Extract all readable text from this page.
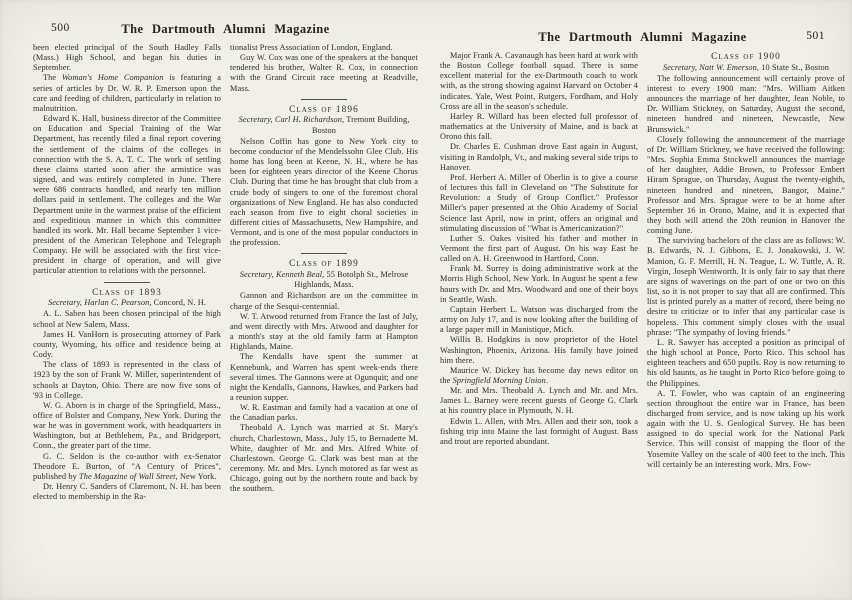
500	The Dartmouth Alumni Magazine

been elected principal of the South Hadley Falls (Mass.) High School, and began his duties in September.

The Woman's Home Companion is featuring a series of articles by Dr. W. R. P. Emerson upon the care and feeding of children, particularly in relation to malnutrition.

Edward K. Hall, business director of the Committee on Education and Special Training of the War Department, has recently filed a final report covering the settlement of the claims of the colleges in connection with the S. A. T. C. The work of settling these claims started soon after the armistice was signed, and was entirely completed in June. There were 686 contracts handled, and nearly ten million dollars paid in settlement. The colleges and the War Department unite in the warmest praise of the efficient and expeditious manner in which this committee handled its work. Mr. Hall became September 1 vice-president of the American Telephone and Telegraph Company. He will be associated with the first vice-president in charge of operation, and will give particular attention to relations with the personnel.

Class of 1893
Secretary, Harlan C. Pearson, Concord, N. H.

A. L. Saben has been chosen principal of the high school at New Salem, Mass.

James H. VanHorn is prosecuting attorney of Park county, Wyoming, his office and residence being at Cody.

The class of 1893 is represented in the class of 1923 by the son of Frank W. Miller, superintendent of schools at Dayton, Ohio. There are now five sons of '93 in College.

W. G. Aborn is in charge of the Springfield, Mass., office of Bolster and Company, New York. During the war he was in government work, with headquarters in Washington, but at Bethlehem, Pa., and Bridgeport, Conn., the greater part of the time.

G. C. Seldon is the co-author with ex-Senator Theodore E. Burton, of "A Century of Prices", published by The Magazine of Wall Street, New York.

Dr. Henry C. Sanders of Claremont, N. H. has been elected to membership in the Ra-

tionalist Press Association of London, England.

Guy W. Cox was one of the speakers at the banquet tendered his brother, Walter R. Cox, in connection with the Grand Circuit race meeting at Readville, Mass.

Class of 1896
Secretary, Carl H. Richardson, Tremont Building, Boston

Nelson Coffin has gone to New York city to become conductor of the Mendelssohn Glee Club. His home has long been at Keene, N. H., where he has been for eighteen years director of the Keene Chorus Club. During that time he has brought that club from a crude body of singers to one of the foremost choral organizations of New England. He has also conducted each season from five to eight choral societies in different cities of Massachusetts, New Hampshire, and Vermont, and is one of the most popular conductors in the profession.

Class of 1899
Secretary, Kenneth Beal, 55 Botolph St., Melrose Highlands, Mass.

Gannon and Richardson are on the committee in charge of the Sesqui-centennial.

W. T. Atwood returned from France the last of July, and went directly with Mrs. Atwood and daughter for a month's stay at the old family farm at Hampton Highlands, Maine.

The Kendalls have spent the summer at Kennebunk, and Warren has spent week-ends there several times. The Gannons were at Ogunquit; and one night the Kendalls, Gannons, Hawkes, and Parkers had a reunion supper.

W. R. Eastman and family had a vacation at one of the Canadian parks.

Theobald A. Lynch was married at St. Mary's church, Charlestown, Mass., July 15, to Bernadette M. White, daughter of Mr. and Mrs. Alfred White of Charlestown. George G. Clark was best man at the ceremony. Mr. and Mrs. Lynch motored as far west as Chicago, going out by the northern route and back by the southern.

501
The Dartmouth Alumni Magazine

Major Frank A. Cavanaugh has been hard at work with the Boston College football squad. There is some excellent material for the ex-Dartmouth coach to work with, as the strong showing against Harvard on October 4 indicates. Yale, West Point, Rutgers, Fordham, and Holy Cross are all in the season's schedule.

Harley R. Willard has been elected full professor of mathematics at the University of Maine, and is back at Orono this fall.

Dr. Charles E. Cushman drove East again in August, visiting in Randolph, Vt., and making several side trips to Hanover.

Prof. Herbert A. Miller of Oberlin is to give a course of lectures this fall in Cleveland on "The Substitute for Revolution: a Study of Group Conflict." Professor Miller's paper presented at the Ohio Academy of Social Science last April, now in print, offers an original and stimulating discussion of "What is Americanization?"

Luther S. Oakes visited his father and mother in Vermont the first part of August. On his way East he called on A. H. Greenwood in Hartford, Conn.

Frank M. Surrey is doing administrative work at the Morris High School, New York. In August he spent a few hours with Dr. and Mrs. Woodward and one of their boys in Seattle, Wash.

Captain Herbert L. Watson was discharged from the army on July 17, and is now looking after the building of a large paper mill in Manistique, Mich.

Willis B. Hodgkins is now proprietor of the Hotel Washington, Phoenix, Arizona. His family have joined him there.

Maurice W. Dickey has become day news editor on the Springfield Morning Union.

Mr. and Mrs. Theobald A. Lynch and Mr. and Mrs. James L. Barney were recent guests of George G. Clark at his country place in Plymouth, N. H.

Edwin L. Allen, with Mrs. Allen and their son, took a fishing trip into Maine the last fortnight of August. Bass and trout are reported abundant.

Class of 1900
Secretary, Natt W. Emerson, 10 State St., Boston

The following announcement will certainly prove of interest to every 1900 man: "Mrs. William Aitken announces the marriage of her daughter, Jean Noble, to Dr. William Stickney, on Saturday, August the second, nineteen hundred and nineteen, Newcastle, New Brunswick."

Closely following the announcement of the marriage of Dr. William Stickney, we have received the following: "Mrs. Sophia Emma Stockwell announces the marriage of her daughter, Addie Brown, to Professor Embert Hiram Sprague, on Thursday, August the twenty-eighth, nineteen hundred and nineteen, Bangor, Maine." Professor and Mrs. Sprague were to be at home after September 16 in Orono, Maine, and it is expected that they both will attend the 20th reunion in Hanover the coming June.

The surviving bachelors of the class are as follows: W. B. Edwards, N. J. Gibbons, E. J. Jonakowski, J. W. Manion, G. F. Merrill, H. N. Teague, L. W. Tuttle, A. R. Virgin, Joseph Wentworth. It is only fair to say that there are signs of waverings on the part of one or two on this list, so it is not proper to say that all are confirmed. This list is printed purely as a matter of record, there being no desire to criticize or to infer that any particular case is hopeless. This comment simply closes with the usual phrase: "The sympathy of loving friends."

L. R. Sawyer has accepted a position as principal of the high school at Ponce, Porto Rico. This school has eighteen teachers and 650 pupils. Roy is now returning to his old haunts, as he taught in Porto Rico before going to the Philippines.

A. T. Fowler, who was captain of an engineering section throughout the entire war in France, has been discharged from service, and is now taking up his work again with the U. S. Geological Survey. He has been assigned to do special work for the National Park Service. This will consist of mapping the floor of the Yosemite Valley on the scale of 400 feet to the inch. This will certainly be an interesting work. Mrs. Fow-
